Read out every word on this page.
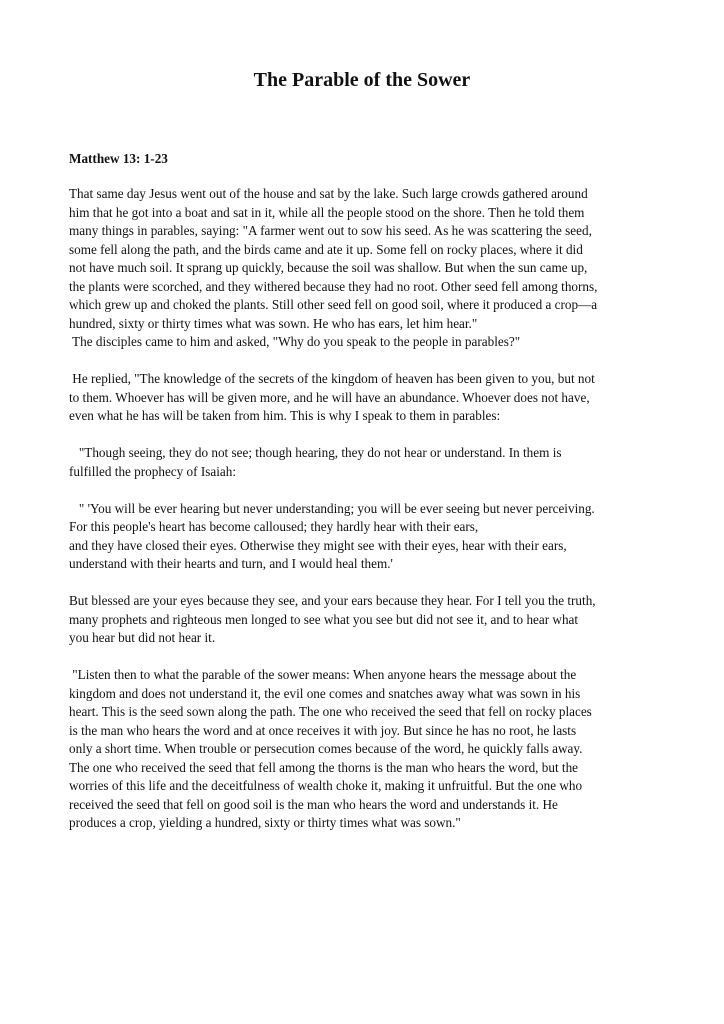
The Parable of the Sower
Matthew 13: 1-23
That same day Jesus went out of the house and sat by the lake. Such large crowds gathered around
him that he got into a boat and sat in it, while all the people stood on the shore. Then he told them
many things in parables, saying: "A farmer went out to sow his seed. As he was scattering the seed,
some fell along the path, and the birds came and ate it up. Some fell on rocky places, where it did
not have much soil. It sprang up quickly, because the soil was shallow. But when the sun came up,
the plants were scorched, and they withered because they had no root. Other seed fell among thorns,
which grew up and choked the plants. Still other seed fell on good soil, where it produced a crop—a
hundred, sixty or thirty times what was sown. He who has ears, let him hear."
The disciples came to him and asked, "Why do you speak to the people in parables?"
He replied, "The knowledge of the secrets of the kingdom of heaven has been given to you, but not
to them. Whoever has will be given more, and he will have an abundance. Whoever does not have,
even what he has will be taken from him. This is why I speak to them in parables:
"Though seeing, they do not see; though hearing, they do not hear or understand. In them is
fulfilled the prophecy of Isaiah:
" 'You will be ever hearing but never understanding; you will be ever seeing but never perceiving.
For this people's heart has become calloused; they hardly hear with their ears,
and they have closed their eyes. Otherwise they might see with their eyes, hear with their ears,
understand with their hearts and turn, and I would heal them.'
But blessed are your eyes because they see, and your ears because they hear. For I tell you the truth,
many prophets and righteous men longed to see what you see but did not see it, and to hear what
you hear but did not hear it.
"Listen then to what the parable of the sower means: When anyone hears the message about the
kingdom and does not understand it, the evil one comes and snatches away what was sown in his
heart. This is the seed sown along the path. The one who received the seed that fell on rocky places
is the man who hears the word and at once receives it with joy. But since he has no root, he lasts
only a short time. When trouble or persecution comes because of the word, he quickly falls away.
The one who received the seed that fell among the thorns is the man who hears the word, but the
worries of this life and the deceitfulness of wealth choke it, making it unfruitful. But the one who
received the seed that fell on good soil is the man who hears the word and understands it. He
produces a crop, yielding a hundred, sixty or thirty times what was sown."
